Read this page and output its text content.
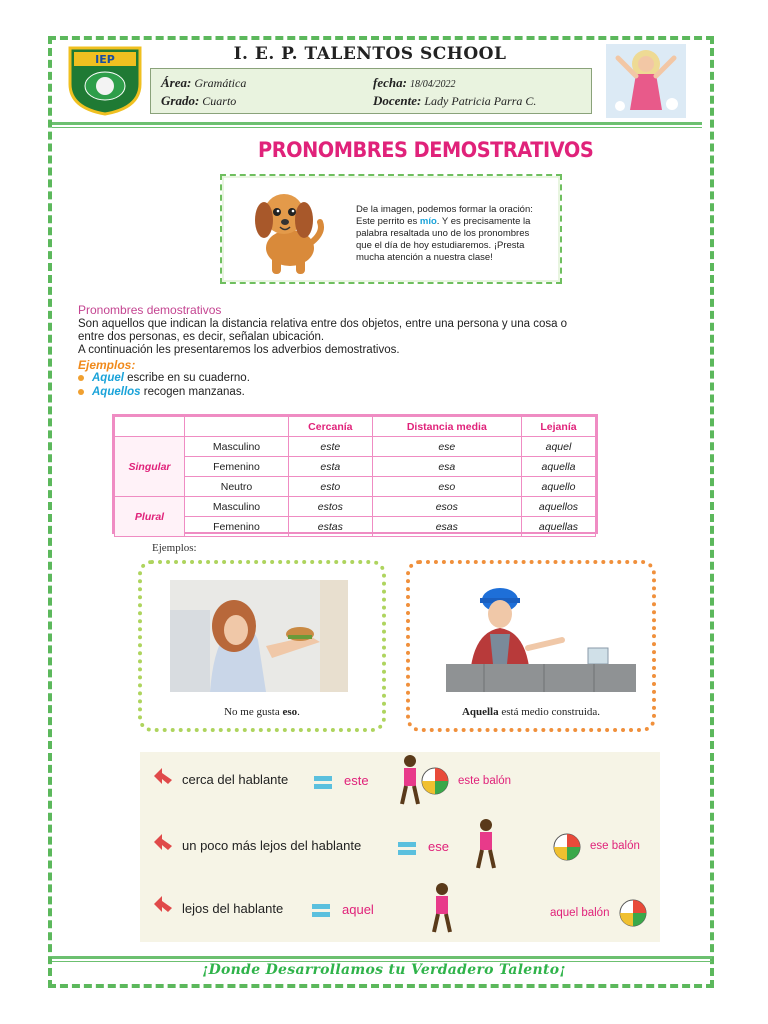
IEP	I. E. P. TALENTOS SCHOOL
Área: Gramática
Grado: Cuarto
fecha: 18/04/2022
Docente: Lady Patricia Parra C.
PRONOMBRES DEMOSTRATIVOS
De la imagen, podemos formar la oración: Este perrito es mío. Y es precisamente la palabra resaltada uno de los pronombres que el día de hoy estudiaremos. ¡Presta mucha atención a nuestra clase!
Pronombres demostrativos
Son aquellos que indican la distancia relativa entre dos objetos, entre una persona y una cosa o
entre dos personas, es decir, señalan ubicación.
A continuación les presentaremos los adverbios demostrativos.
Ejemplos:
Aquel escribe en su cuaderno.
Aquellos recogen manzanas.
		Cercanía	Distancia media	Lejanía
Singular	Masculino	este	ese	aquel
	Femenino	esta	esa	aquella
	Neutro	esto	eso	aquello
Plural	Masculino	estos	esos	aquellos
	Femenino	estas	esas	aquellas
Ejemplos:
No me gusta eso.	Aquella está medio construida.
cerca del hablante	este	este balón
un poco más lejos del hablante	ese	ese balón
lejos del hablante	aquel	aquel balón
¡Donde Desarrollamos tu Verdadero Talento¡
